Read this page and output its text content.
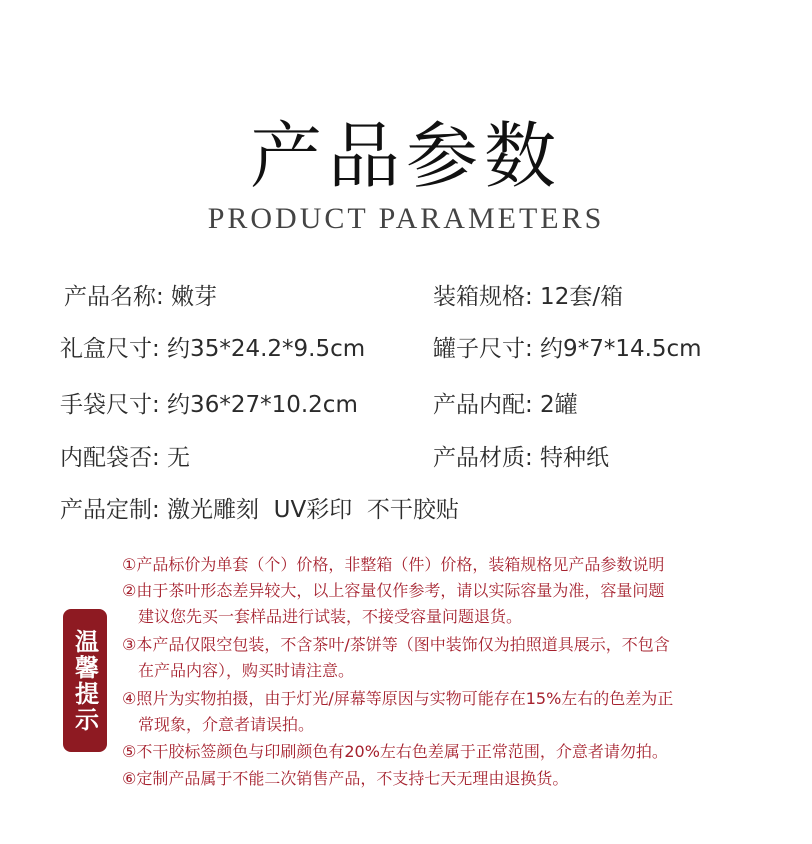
产品参数
PRODUCT PARAMETERS
产品名称: 嫩芽	装箱规格: 12套/箱
礼盒尺寸: 约35*24.2*9.5cm	罐子尺寸: 约9*7*14.5cm
手袋尺寸: 约36*27*10.2cm	产品内配: 2罐
内配袋否: 无	产品材质: 特种纸
产品定制: 激光雕刻  UV彩印  不干胶贴
温馨提示
①产品标价为单套（个）价格，非整箱（件）价格，装箱规格见产品参数说明
②由于茶叶形态差异较大，以上容量仅作参考，请以实际容量为准，容量问题
　建议您先买一套样品进行试装，不接受容量问题退货。
③本产品仅限空包装，不含茶叶/茶饼等（图中装饰仅为拍照道具展示，不包含
　在产品内容），购买时请注意。
④照片为实物拍摄，由于灯光/屏幕等原因与实物可能存在15%左右的色差为正
　常现象，介意者请误拍。
⑤不干胶标签颜色与印刷颜色有20%左右色差属于正常范围，介意者请勿拍。
⑥定制产品属于不能二次销售产品，不支持七天无理由退换货。
